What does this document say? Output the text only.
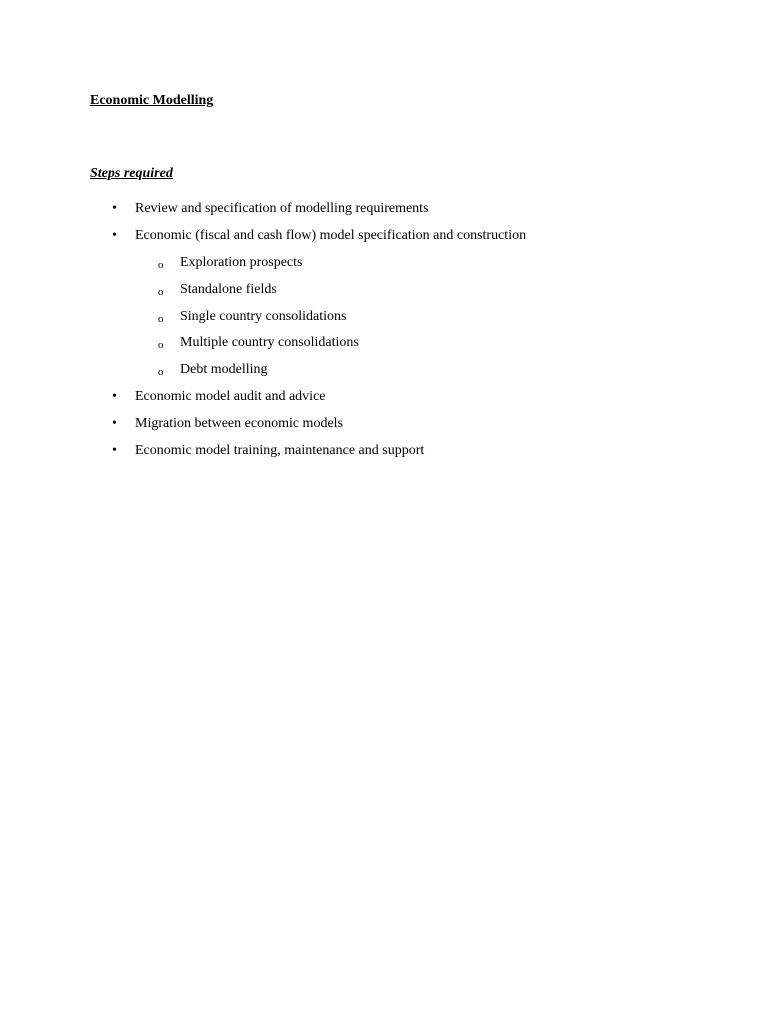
Economic Modelling
Steps required
• Review and specification of modelling requirements
• Economic (fiscal and cash flow) model specification and construction
o Exploration prospects
o Standalone fields
o Single country consolidations
o Multiple country consolidations
o Debt modelling
• Economic model audit and advice
• Migration between economic models
• Economic model training, maintenance and support
